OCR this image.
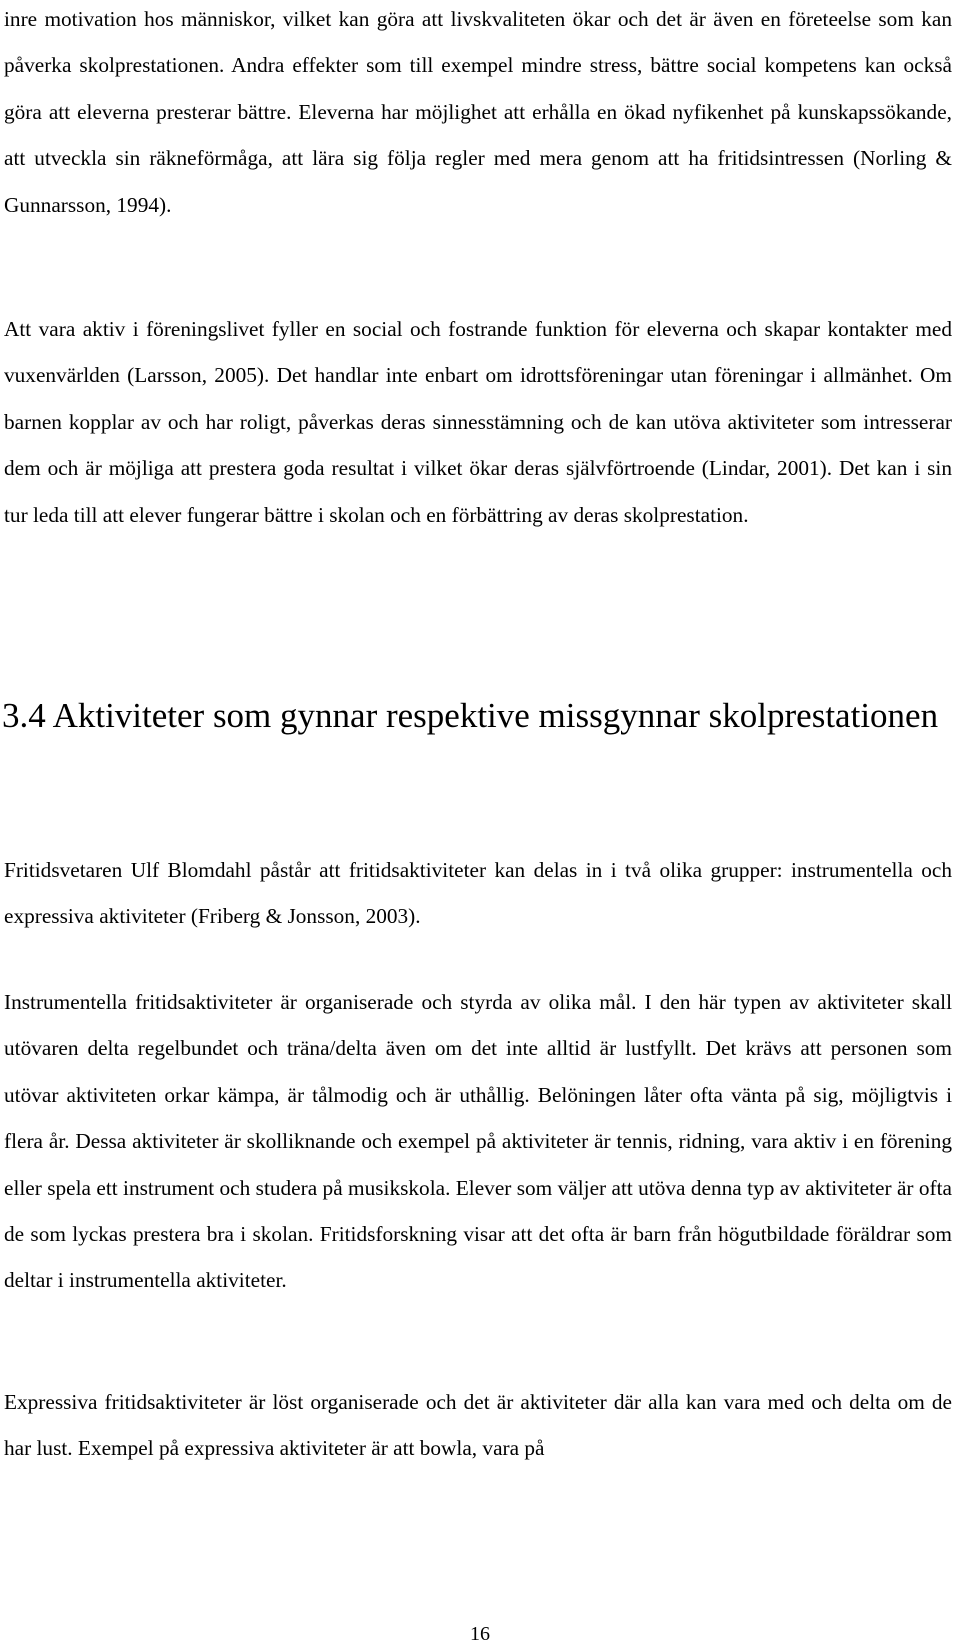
inre motivation hos människor, vilket kan göra att livskvaliteten ökar och det är även en företeelse som kan påverka skolprestationen. Andra effekter som till exempel mindre stress, bättre social kompetens kan också göra att eleverna presterar bättre. Eleverna har möjlighet att erhålla en ökad nyfikenhet på kunskapssökande, att utveckla sin räkneförmåga, att lära sig följa regler med mera genom att ha fritidsintressen (Norling & Gunnarsson, 1994).

Att vara aktiv i föreningslivet fyller en social och fostrande funktion för eleverna och skapar kontakter med vuxenvärlden (Larsson, 2005). Det handlar inte enbart om idrottsföreningar utan föreningar i allmänhet. Om barnen kopplar av och har roligt, påverkas deras sinnesstämning och de kan utöva aktiviteter som intresserar dem och är möjliga att prestera goda resultat i vilket ökar deras självförtroende (Lindar, 2001). Det kan i sin tur leda till att elever fungerar bättre i skolan och en förbättring av deras skolprestation.

3.4 Aktiviteter som gynnar respektive missgynnar skolprestationen

Fritidsvetaren Ulf Blomdahl påstår att fritidsaktiviteter kan delas in i två olika grupper: instrumentella och expressiva aktiviteter (Friberg & Jonsson, 2003).

Instrumentella fritidsaktiviteter är organiserade och styrda av olika mål. I den här typen av aktiviteter skall utövaren delta regelbundet och träna/delta även om det inte alltid är lustfyllt. Det krävs att personen som utövar aktiviteten orkar kämpa, är tålmodig och är uthållig. Belöningen låter ofta vänta på sig, möjligtvis i flera år. Dessa aktiviteter är skolliknande och exempel på aktiviteter är tennis, ridning, vara aktiv i en förening eller spela ett instrument och studera på musikskola. Elever som väljer att utöva denna typ av aktiviteter är ofta de som lyckas prestera bra i skolan. Fritidsforskning visar att det ofta är barn från högutbildade föräldrar som deltar i instrumentella aktiviteter.

Expressiva fritidsaktiviteter är löst organiserade och det är aktiviteter där alla kan vara med och delta om de har lust. Exempel på expressiva aktiviteter är att bowla, vara på

16
